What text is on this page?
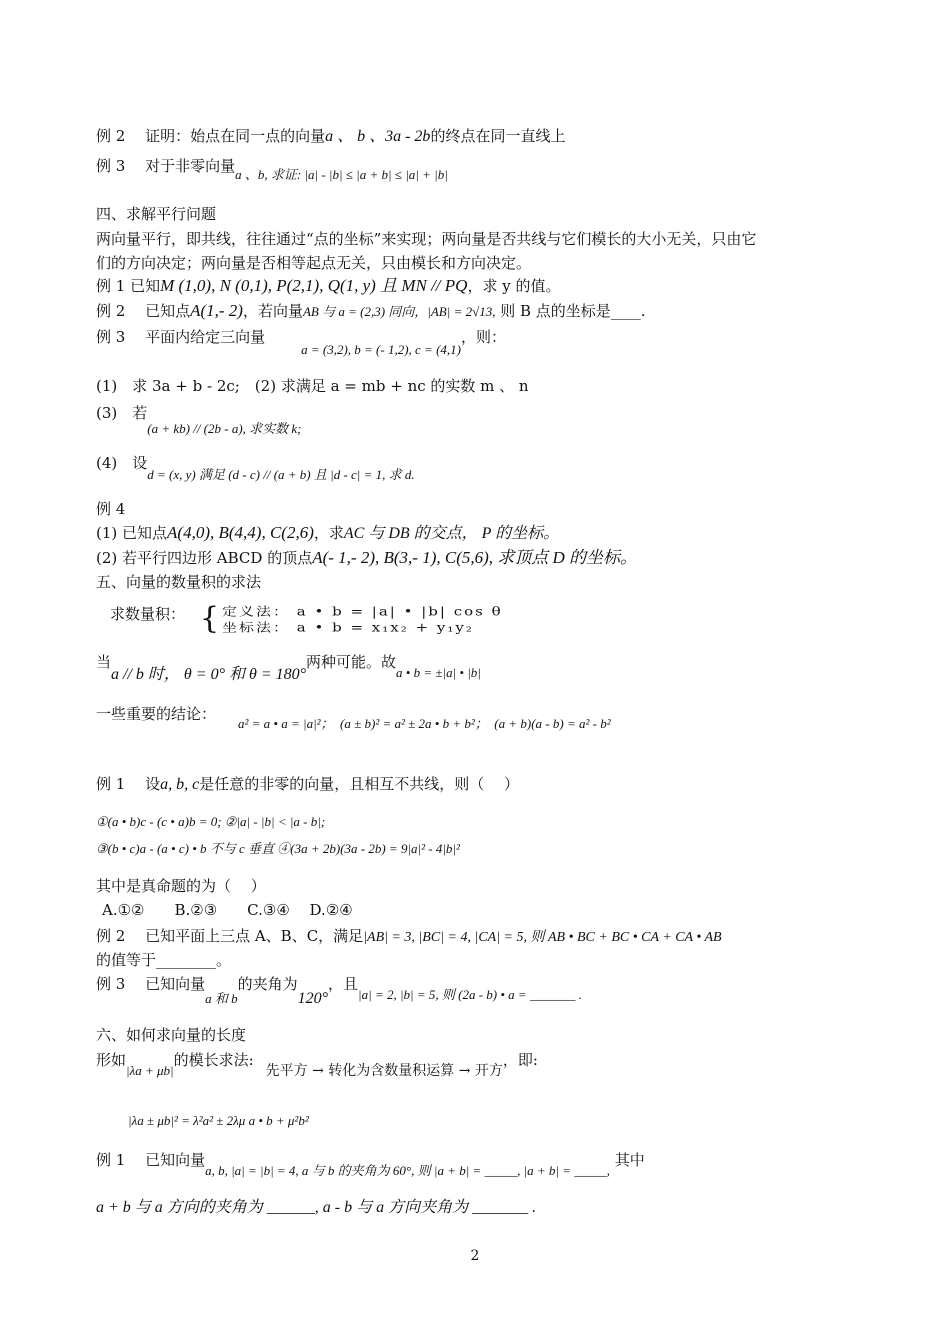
例 2　 证明：始点在同一点的向量a 、 b 、3a - 2b的终点在同一直线上
例 3　 对于非零向量a 、b, 求证: |a| - |b| ≤ |a + b| ≤ |a| + |b|
四、求解平行问题
两向量平行，即共线，往往通过“点的坐标”来实现；两向量是否共线与它们模长的大小无关，只由它
们的方向决定；两向量是否相等起点无关，只由模长和方向决定。
例 1 已知M (1,0), N (0,1), P(2,1), Q(1, y) 且 MN // PQ，求 y 的值。
例 2　 已知点A(1,- 2)，若向量AB 与 a = (2,3) 同向，|AB| = 2√13, 则 B 点的坐标是____.
例 3　 平面内给定三向量a = (3,2), b = (- 1,2), c = (4,1)，则：
(1)　求 3a + b - 2c;　(2) 求满足 a = mb + nc 的实数 m 、 n
(3)　若(a + kb) // (2b - a), 求实数 k;
(4)　设d = (x, y) 满足 (d - c) // (a + b) 且 |d - c| = 1, 求 d.
例 4
(1) 已知点A(4,0), B(4,4), C(2,6)，求AC 与 DB 的交点， P 的坐标。
(2) 若平行四边形 ABCD 的顶点A(- 1,- 2), B(3,- 1), C(5,6), 求顶点 D 的坐标。
五、向量的数量积的求法
求数量积： { 定义法： a • b = |a| • |b| cos θ
坐标法： a • b = x₁x₂ + y₁y₂
当a // b 时， θ = 0° 和 θ = 180°两种可能。故a • b = ±|a| • |b|
一些重要的结论：a² = a • a = |a|²；　(a ± b)² = a² ± 2a • b + b²；　(a + b)(a - b) = a² - b²
例 1　 设a, b, c是任意的非零的向量，且相互不共线，则（　 ）
①(a • b)c - (c • a)b = 0; ②|a| - |b| < |a - b|;
③(b • c)a - (a • c) • b 不与 c 垂直 ④(3a + 2b)(3a - 2b) = 9|a|² - 4|b|²
其中是真命题的为（　 ）
A.①②　　B.②③　　C.③④　 D.②④
例 2　 已知平面上三点 A、B、C，满足|AB| = 3, |BC| = 4, |CA| = 5, 则 AB • BC + BC • CA + CA • AB
的值等于________。
例 3　 已知向量a 和 b的夹角为120°，且|a| = 2, |b| = 5, 则 (2a - b) • a = _______ .
六、如何求向量的长度
形如|λa + μb|的模长求法:先平方 → 转化为含数量积运算 → 开方，即:
|λa ± μb|² = λ²a² ± 2λμ a • b + μ²b²
例 1　 已知向量a, b, |a| = |b| = 4, a 与 b 的夹角为 60°, 则 |a + b| = _____, |a + b| = _____, 其中
a + b 与 a 方向的夹角为 ______, a - b 与 a 方向夹角为 _______ .
2
